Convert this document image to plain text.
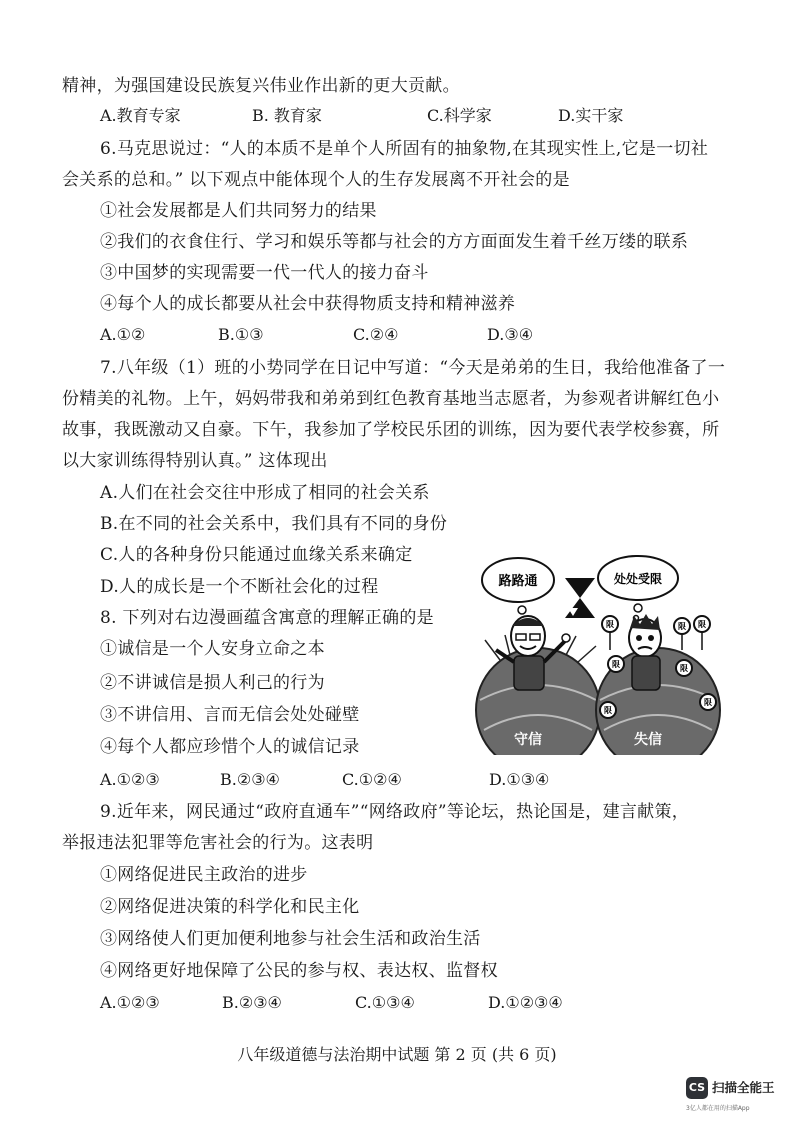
精神，为强国建设民族复兴伟业作出新的更大贡献。
A.教育专家	B. 教育家	C.科学家	D.实干家
6.马克思说过：“人的本质不是单个人所固有的抽象物,在其现实性上,它是一切社
会关系的总和。” 以下观点中能体现个人的生存发展离不开社会的是
①社会发展都是人们共同努力的结果
②我们的衣食住行、学习和娱乐等都与社会的方方面面发生着千丝万缕的联系
③中国梦的实现需要一代一代人的接力奋斗
④每个人的成长都要从社会中获得物质支持和精神滋养
A.①②	B.①③	C.②④	D.③④
7.八年级（1）班的小势同学在日记中写道：“今天是弟弟的生日，我给他准备了一
份精美的礼物。上午，妈妈带我和弟弟到红色教育基地当志愿者，为参观者讲解红色小
故事，我既激动又自豪。下午，我参加了学校民乐团的训练，因为要代表学校参赛，所
以大家训练得特别认真。” 这体现出
A.人们在社会交往中形成了相同的社会关系
B.在不同的社会关系中，我们具有不同的身份
C.人的各种身份只能通过血缘关系来确定
D.人的成长是一个不断社会化的过程
8. 下列对右边漫画蕴含寓意的理解正确的是
①诚信是一个人安身立命之本
②不讲诚信是损人利己的行为
③不讲信用、言而无信会处处碰壁
④每个人都应珍惜个人的诚信记录
A.①②③	B.②③④	C.①②④	D.①③④
9.近年来，网民通过“政府直通车”“网络政府”等论坛，热论国是，建言献策，
举报违法犯罪等危害社会的行为。这表明
①网络促进民主政治的进步
②网络促进决策的科学化和民主化
③网络使人们更加便利地参与社会生活和政治生活
④网络更好地保障了公民的参与权、表达权、监督权
A.①②③	B.②③④	C.①③④	D.①②③④
路路通	处处受限
守信	失信
限	限
限
限	限
限
限
八年级道德与法治期中试题 第 2 页 (共 6 页)
CS 扫描全能王
3亿人都在用的扫描App
